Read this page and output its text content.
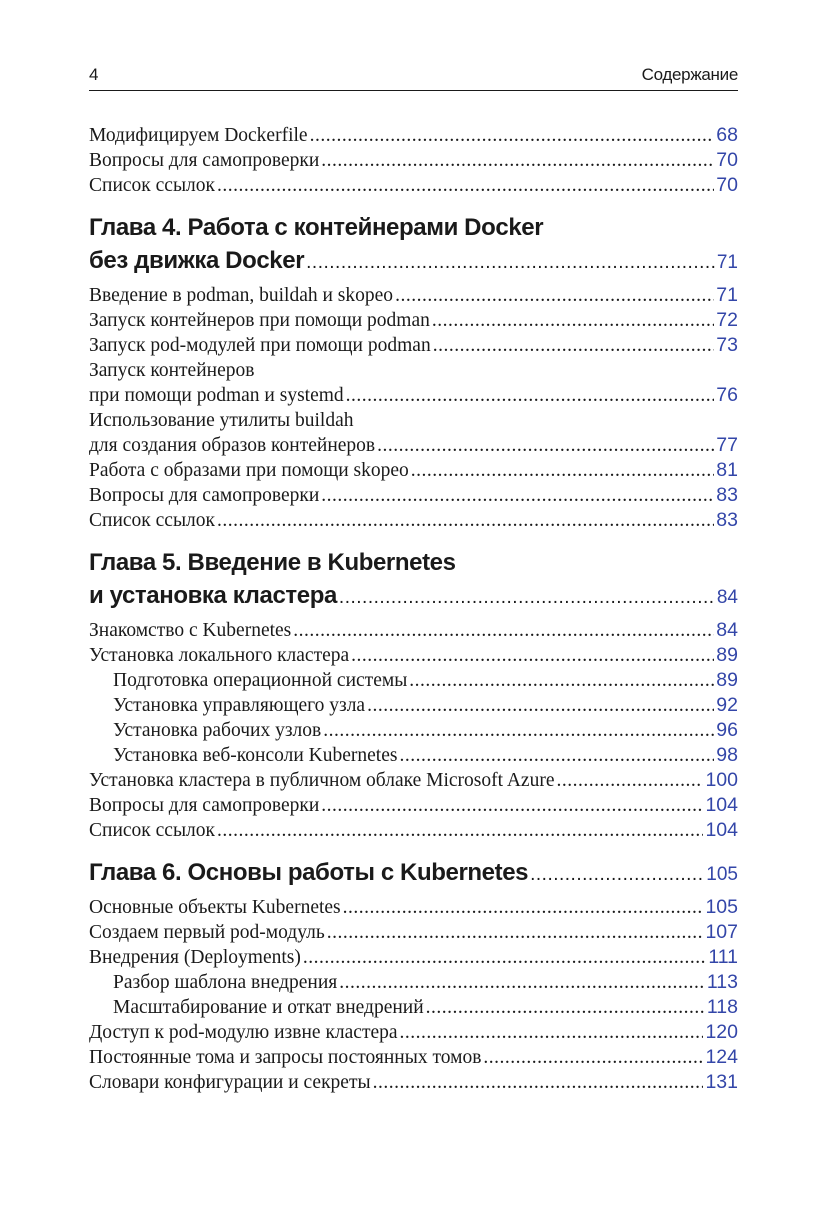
4	Содержание
Модифицируем Dockerfile .....	68
Вопросы для самопроверки .....	70
Список ссылок .....	70
Глава 4. Работа с контейнерами Docker
без движка Docker .....	71
Введение в podman, buildah и skopeo .....	71
Запуск контейнеров при помощи podman .....	72
Запуск pod-модулей при помощи podman .....	73
Запуск контейнеров
при помощи podman и systemd .....	76
Использование утилиты buildah
для создания образов контейнеров .....	77
Работа с образами при помощи skopeo .....	81
Вопросы для самопроверки .....	83
Список ссылок .....	83
Глава 5. Введение в Kubernetes
и установка кластера .....	84
Знакомство с Kubernetes .....	84
Установка локального кластера .....	89
Подготовка операционной системы .....	89
Установка управляющего узла .....	92
Установка рабочих узлов .....	96
Установка веб-консоли Kubernetes .....	98
Установка кластера в публичном облаке Microsoft Azure .....	100
Вопросы для самопроверки .....	104
Список ссылок .....	104
Глава 6. Основы работы с Kubernetes .....	105
Основные объекты Kubernetes .....	105
Создаем первый pod-модуль .....	107
Внедрения (Deployments) .....	111
Разбор шаблона внедрения .....	113
Масштабирование и откат внедрений .....	118
Доступ к pod-модулю извне кластера .....	120
Постоянные тома и запросы постоянных томов .....	124
Словари конфигурации и секреты .....	131
